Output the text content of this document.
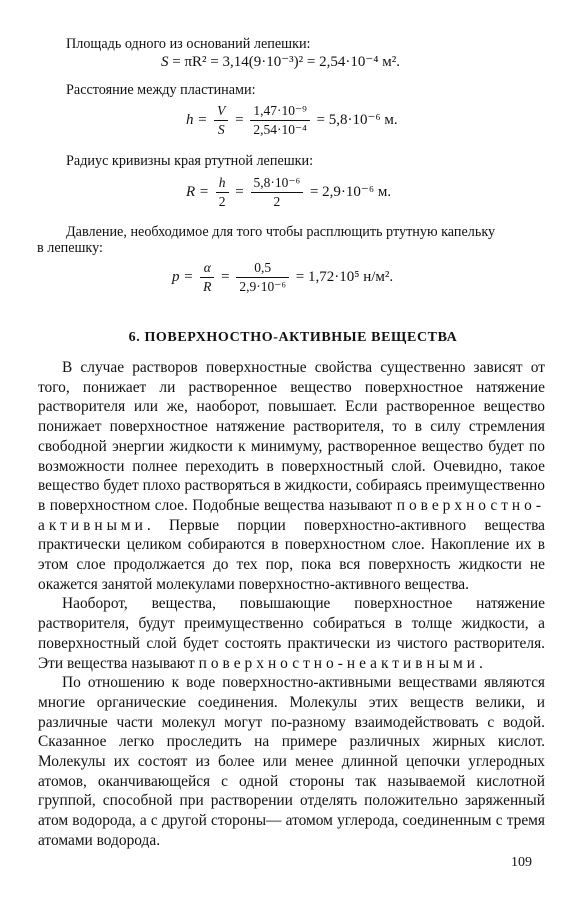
Площадь одного из оснований лепешки:
S = πR² = 3,14(9·10⁻³)² = 2,54·10⁻⁴ м².
Расстояние между пластинами:
$h = \frac{V}{S} = \frac{\text{1,47·10⁻⁹}}{\text{2,54·10⁻⁴}} = 5,8\cdot 10^{-6}$ м.
Радиус кривизны края ртутной лепешки:
$R = \frac{h}{2} = \frac{\text{5,8·10⁻⁶}}{2} = 2,9\cdot 10^{-6}$ м.
Давление, необходимое для того чтобы расплющить ртутную капельку
в лепешку:
$p = \frac{\alpha}{R} = \frac{0,5}{\text{2,9·10⁻⁶}} = 1,72\cdot 10^5$ н/м².
6. ПОВЕРХНОСТНО-АКТИВНЫЕ ВЕЩЕСТВА

В случае растворов поверхностные свойства существенно зависят от того, понижает ли растворенное вещество поверхностное натяжение растворителя или же, наоборот, повышает. Если растворенное вещество понижает поверхностное натяжение растворителя, то в силу стремления свободной энергии жидкости к минимуму, растворенное вещество будет по возможности полнее переходить в поверхностный слой. Очевидно, такое вещество будет плохо растворяться в жидкости, собираясь преимущественно в поверхностном слое. Подобные вещества называют поверхностно-активными. Первые порции поверхностно-активного вещества практически целиком собираются в поверхностном слое. Накопление их в этом слое продолжается до тех пор, пока вся поверхность жидкости не окажется занятой молекулами поверхностно-активного вещества.

Наоборот, вещества, повышающие поверхностное натяжение растворителя, будут преимущественно собираться в толще жидкости, а поверхностный слой будет состоять практически из чистого растворителя. Эти вещества называют поверхностно-неактивными.

По отношению к воде поверхностно-активными веществами являются многие органические соединения. Молекулы этих веществ велики, и различные части молекул могут по-разному взаимодействовать с водой. Сказанное легко проследить на примере различных жирных кислот. Молекулы их состоят из более или менее длинной цепочки углеродных атомов, оканчивающейся с одной стороны так называемой кислотной группой, способной при растворении отделять положительно заряженный атом водорода, а с другой стороны— атомом углерода, соединенным с тремя атомами водорода.

109
